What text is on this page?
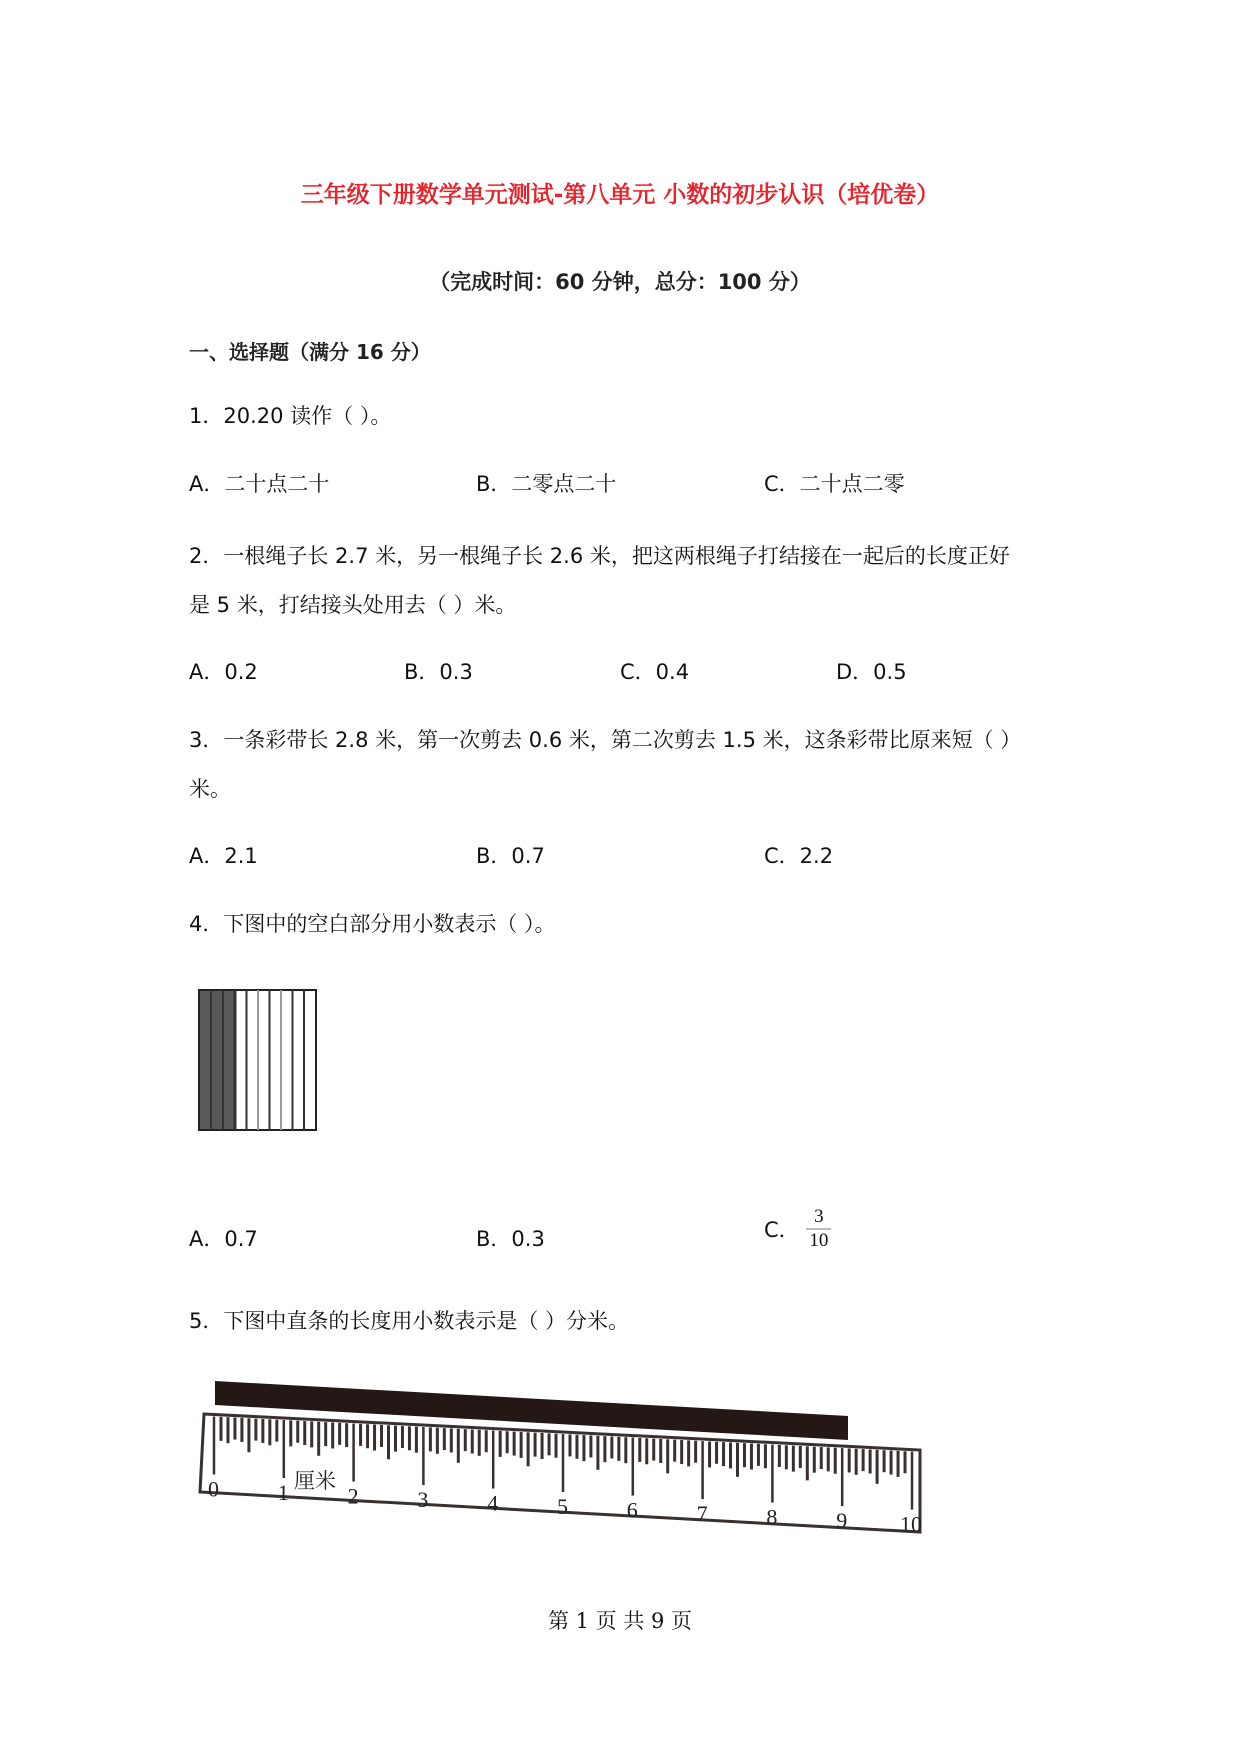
三年级下册数学单元测试-第八单元 小数的初步认识（培优卷）
（完成时间：60 分钟，总分：100 分）
一、选择题（满分 16 分）
1．20.20 读作（ ）。
A．二十点二十	B．二零点二十	C．二十点二零
2．一根绳子长 2.7 米，另一根绳子长 2.6 米，把这两根绳子打结接在一起后的长度正好
是 5 米，打结接头处用去（ ）米。
A．0.2	B．0.3	C．0.4	D．0.5
3．一条彩带长 2.8 米，第一次剪去 0.6 米，第二次剪去 1.5 米，这条彩带比原来短（ ）
米。
A．2.1	B．0.7	C．2.2
4．下图中的空白部分用小数表示（ ）。
A．0.7	B．0.3	C． $\frac{3}{10}$
5．下图中直条的长度用小数表示是（ ）分米。
0	1	2	3	4	5	6	7	8	9 10
厘米
第 1 页 共 9 页
